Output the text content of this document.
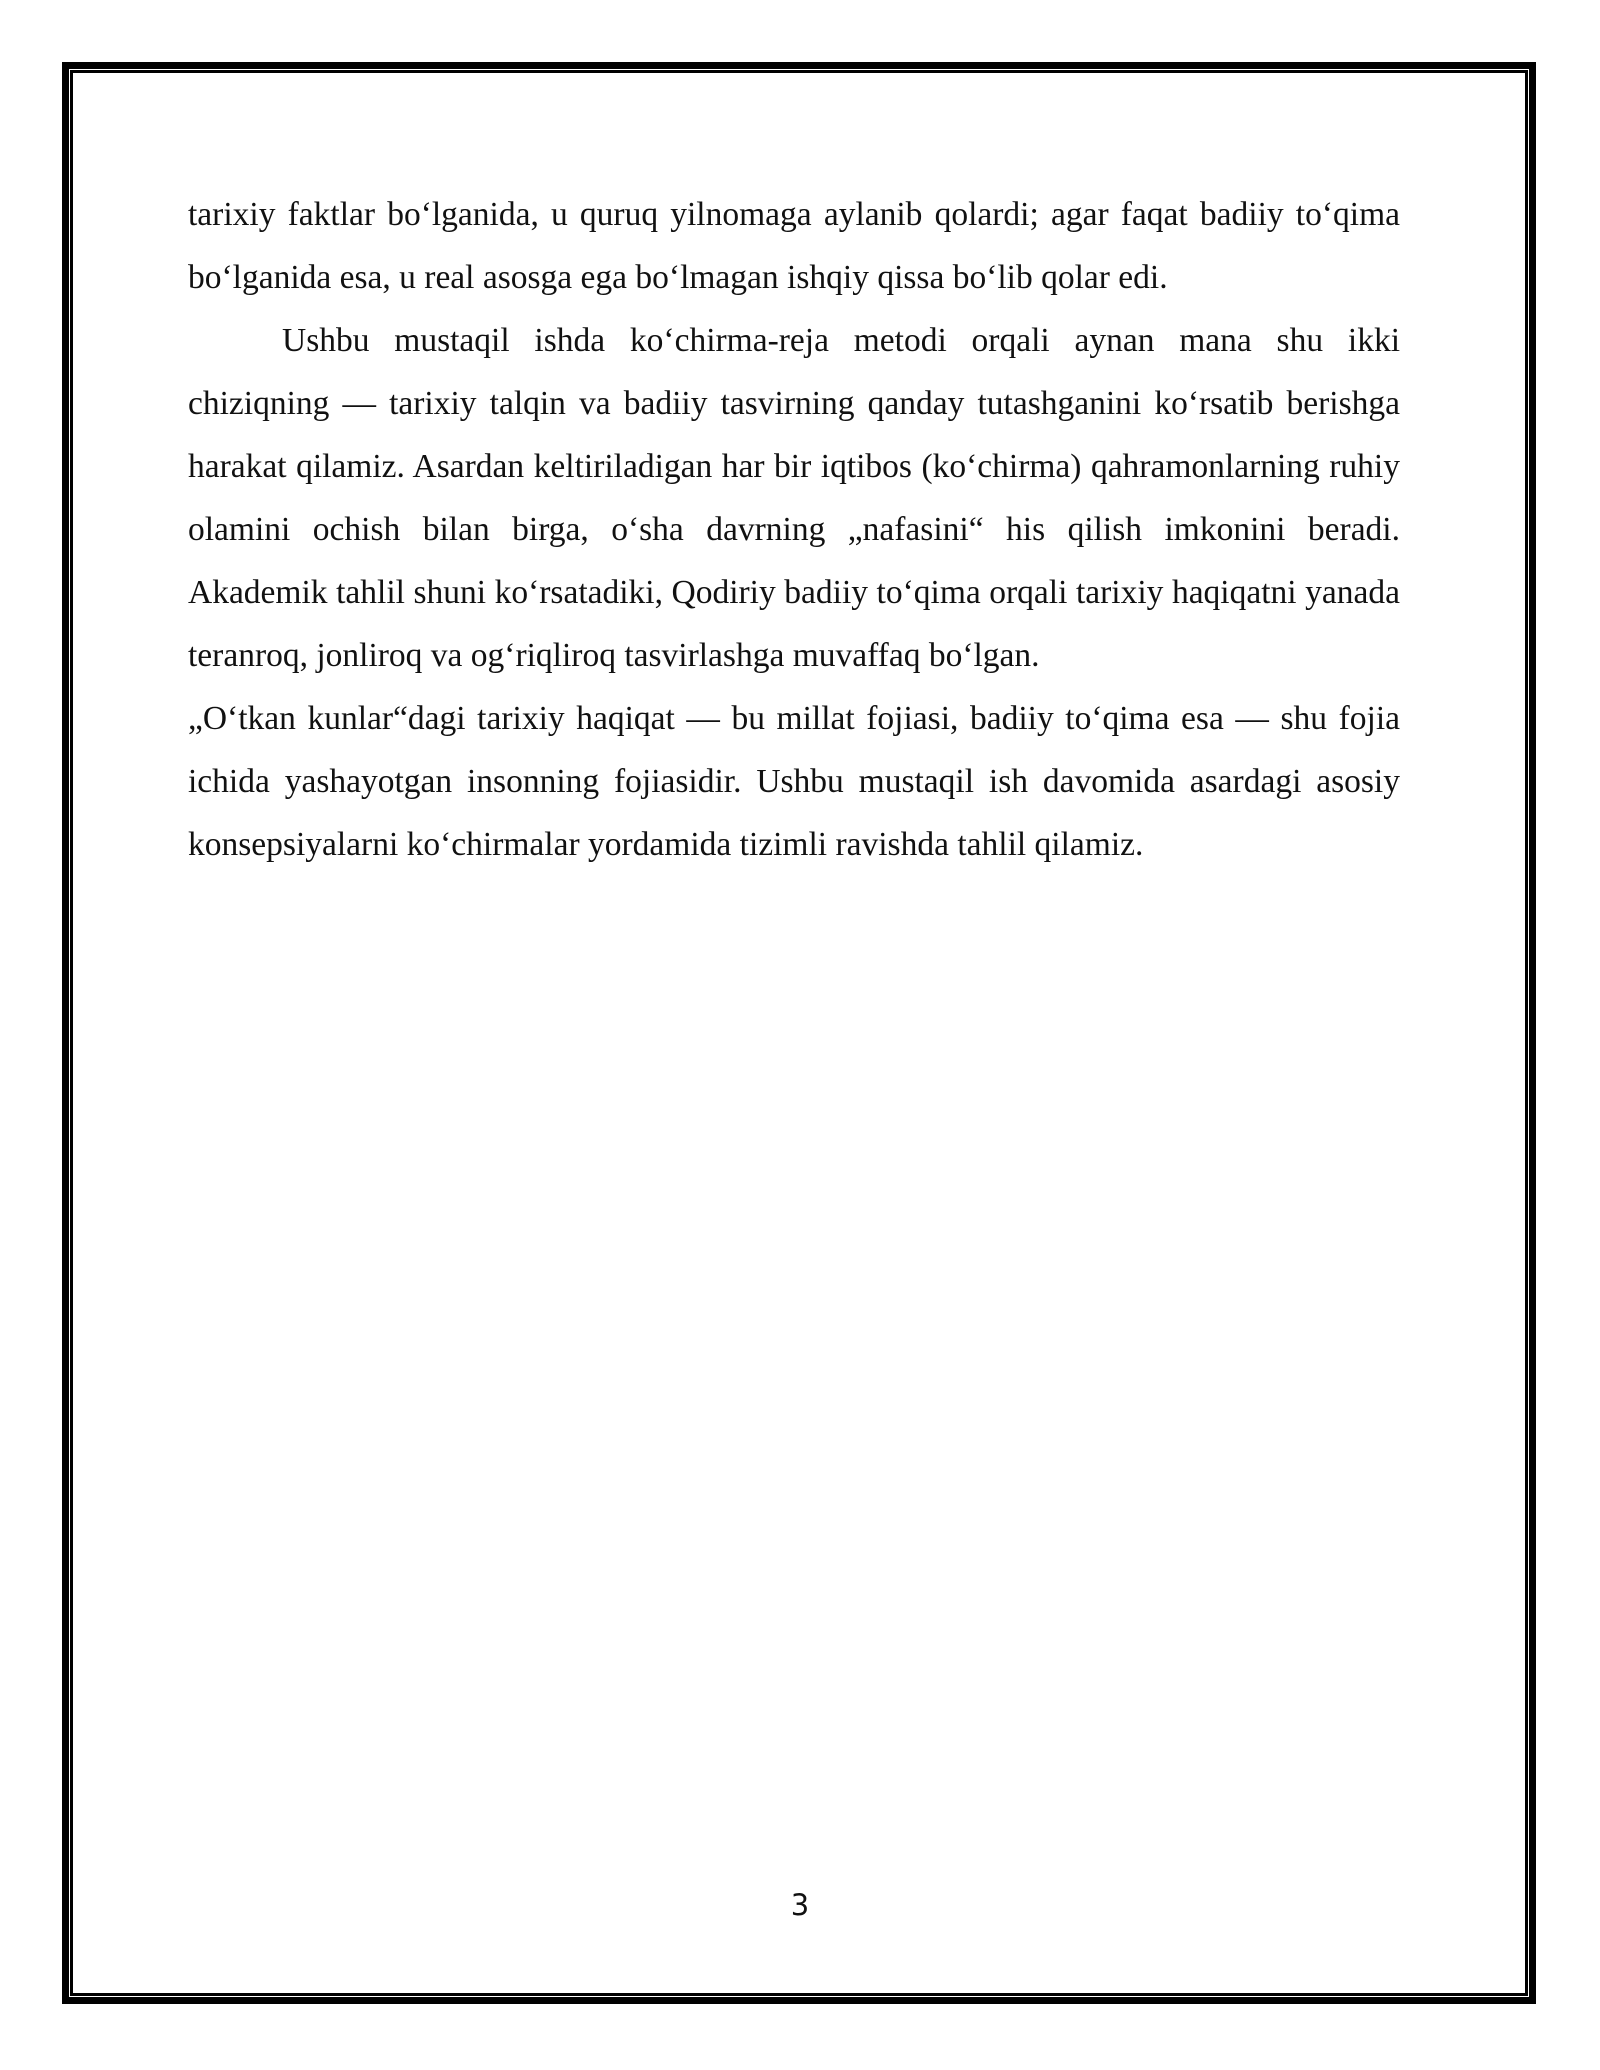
tarixiy faktlar bo‘lganida, u quruq yilnomaga aylanib qolardi; agar faqat badiiy to‘qima bo‘lganida esa, u real asosga ega bo‘lmagan ishqiy qissa bo‘lib qolar edi.

Ushbu mustaqil ishda ko‘chirma-reja metodi orqali aynan mana shu ikki chiziqning — tarixiy talqin va badiiy tasvirning qanday tutashganini ko‘rsatib berishga harakat qilamiz. Asardan keltiriladigan har bir iqtibos (ko‘chirma) qahramonlarning ruhiy olamini ochish bilan birga, o‘sha davrning „nafasini“ his qilish imkonini beradi. Akademik tahlil shuni ko‘rsatadiki, Qodiriy badiiy to‘qima orqali tarixiy haqiqatni yanada teranroq, jonliroq va og‘riqliroq tasvirlashga muvaffaq bo‘lgan.

„O‘tkan kunlar“dagi tarixiy haqiqat — bu millat fojiasi, badiiy to‘qima esa — shu fojia ichida yashayotgan insonning fojiasidir. Ushbu mustaqil ish davomida asardagi asosiy konsepsiyalarni ko‘chirmalar yordamida tizimli ravishda tahlil qilamiz.

3
